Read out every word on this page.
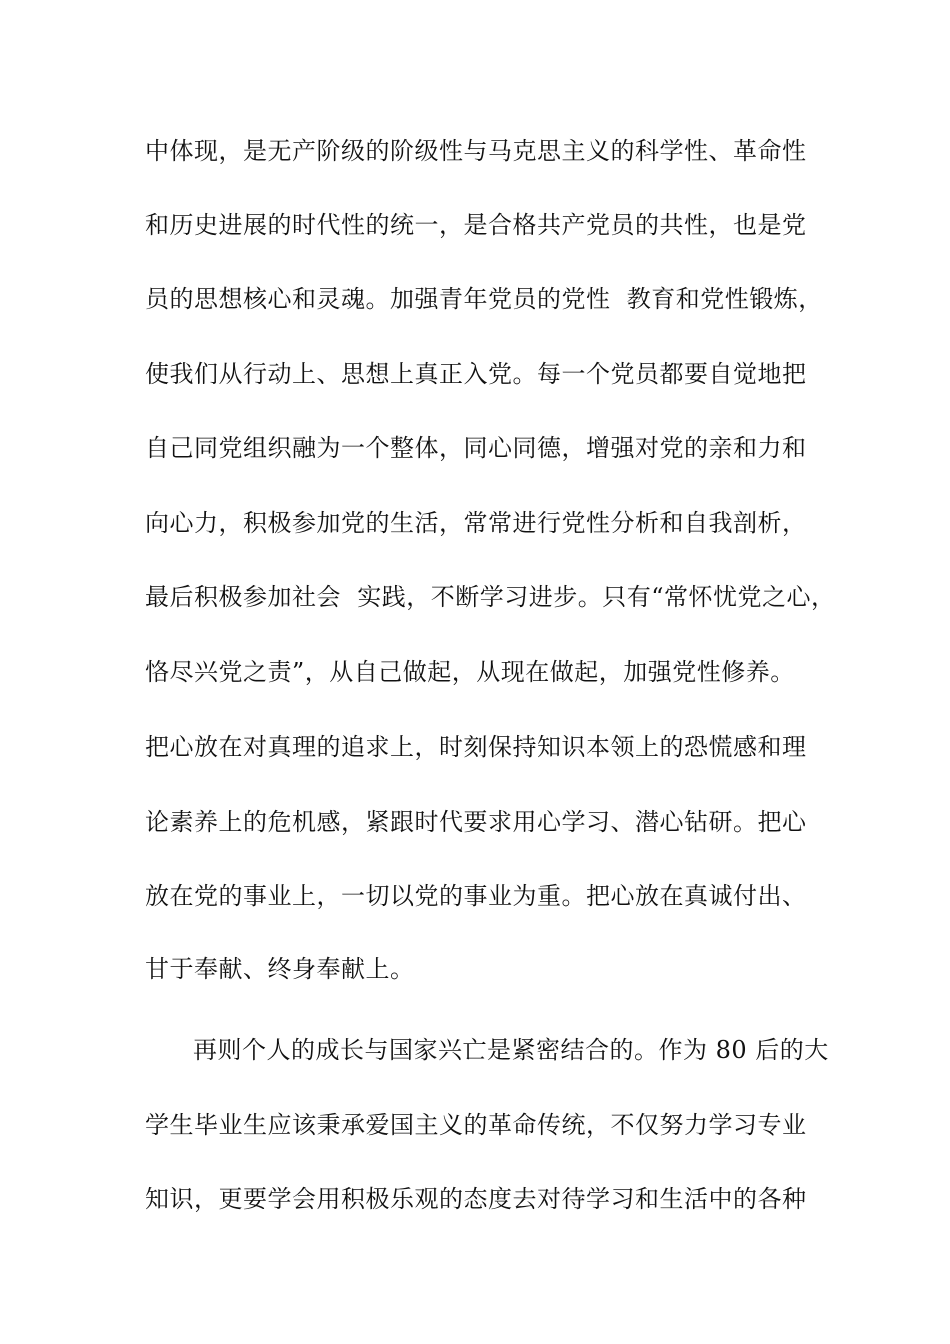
中体现，是无产阶级的阶级性与马克思主义的科学性、革命性
和历史进展的时代性的统一，是合格共产党员的共性，也是党
员的思想核心和灵魂。加强青年党员的党性  教育和党性锻炼，
使我们从行动上、思想上真正入党。每一个党员都要自觉地把
自己同党组织融为一个整体，同心同德，增强对党的亲和力和
向心力，积极参加党的生活，常常进行党性分析和自我剖析，
最后积极参加社会  实践，不断学习进步。只有“常怀忧党之心，
恪尽兴党之责”，从自己做起，从现在做起，加强党性修养。
把心放在对真理的追求上，时刻保持知识本领上的恐慌感和理
论素养上的危机感，紧跟时代要求用心学习、潜心钻研。把心
放在党的事业上，一切以党的事业为重。把心放在真诚付出、
甘于奉献、终身奉献上。
再则个人的成长与国家兴亡是紧密结合的。作为 80 后的大
学生毕业生应该秉承爱国主义的革命传统，不仅努力学习专业
知识，更要学会用积极乐观的态度去对待学习和生活中的各种
